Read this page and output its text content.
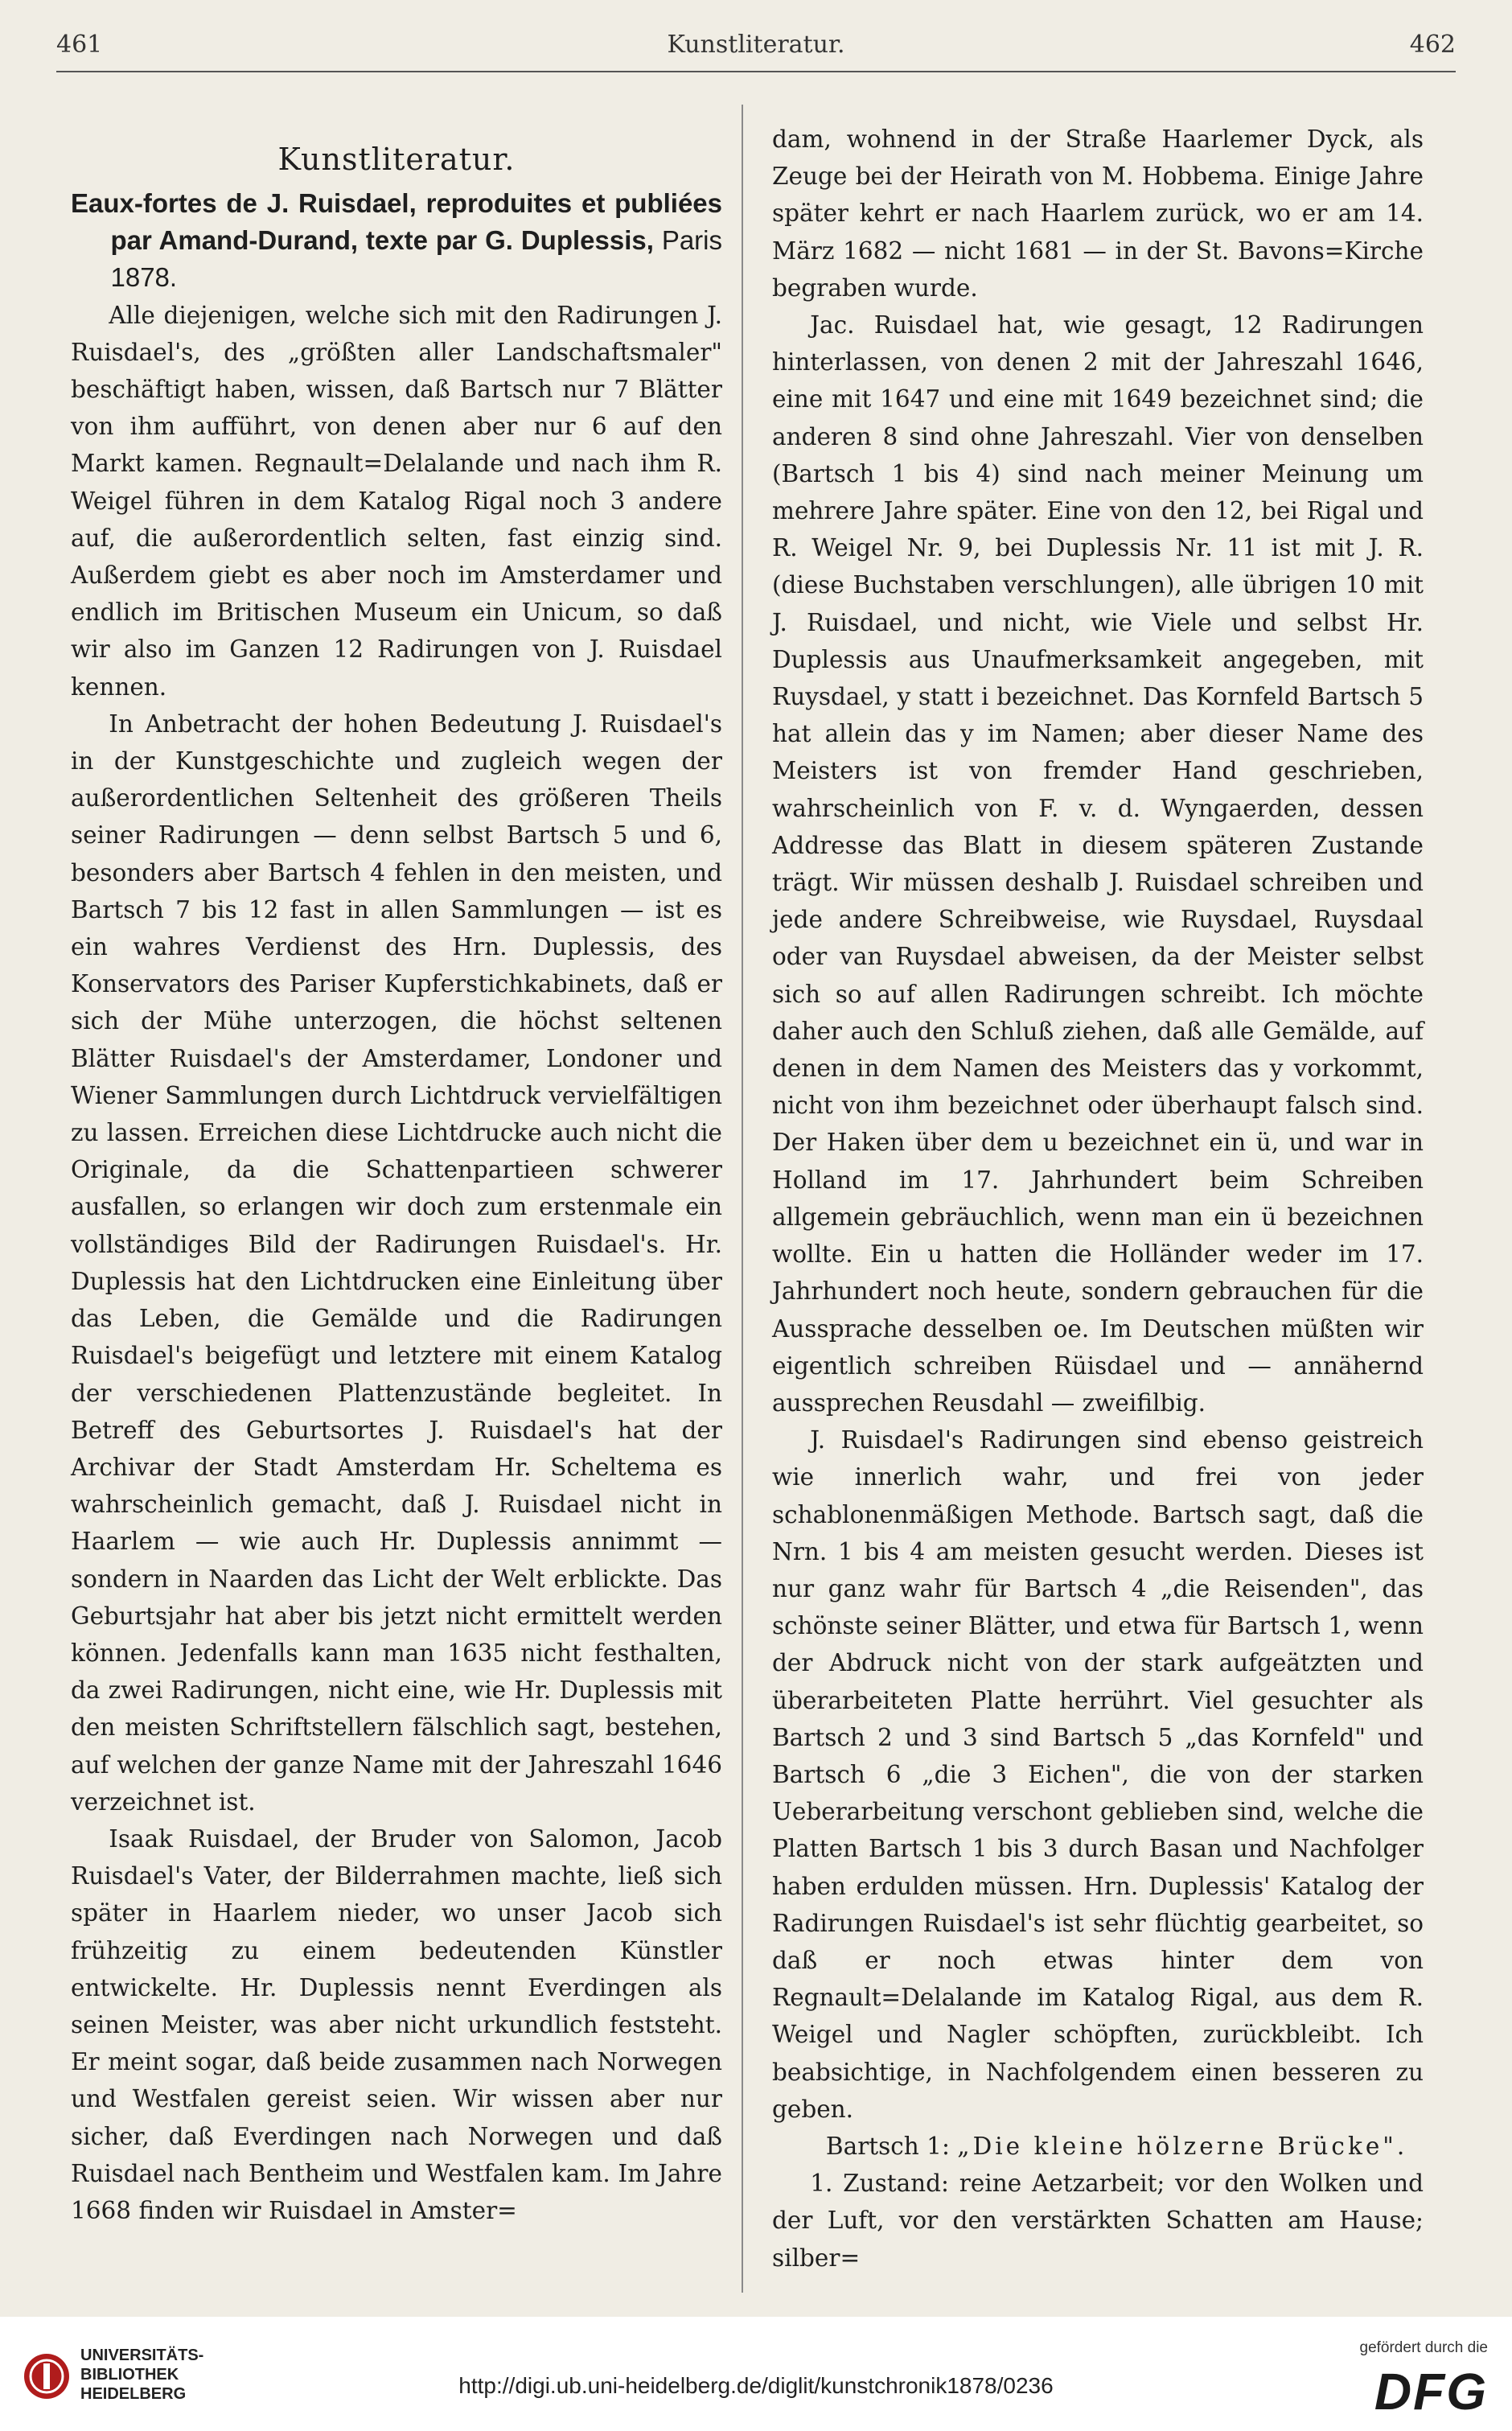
461	Kunstliteratur.	462
Kunstliteratur.

Eaux-fortes de J. Ruisdael, reproduites et publiées par Amand-Durand, texte par G. Duplessis, Paris 1878.

Alle diejenigen, welche sich mit den Radirungen J. Ruisdael's, des „größten aller Landschaftsmaler" beschäftigt haben, wissen, daß Bartsch nur 7 Blätter von ihm aufführt, von denen aber nur 6 auf den Markt kamen. Regnault=Delalande und nach ihm R. Weigel führen in dem Katalog Rigal noch 3 andere auf, die außerordentlich selten, fast einzig sind. Außerdem giebt es aber noch im Amsterdamer und endlich im Britischen Museum ein Unicum, so daß wir also im Ganzen 12 Radirungen von J. Ruisdael kennen.

In Anbetracht der hohen Bedeutung J. Ruisdael's in der Kunstgeschichte und zugleich wegen der außerordentlichen Seltenheit des größeren Theils seiner Radirungen — denn selbst Bartsch 5 und 6, besonders aber Bartsch 4 fehlen in den meisten, und Bartsch 7 bis 12 fast in allen Sammlungen — ist es ein wahres Verdienst des Hrn. Duplessis, des Konservators des Pariser Kupferstichkabinets, daß er sich der Mühe unterzogen, die höchst seltenen Blätter Ruisdael's der Amsterdamer, Londoner und Wiener Sammlungen durch Lichtdruck vervielfältigen zu lassen. Erreichen diese Lichtdrucke auch nicht die Originale, da die Schattenpartieen schwerer ausfallen, so erlangen wir doch zum erstenmale ein vollständiges Bild der Radirungen Ruisdael's. Hr. Duplessis hat den Lichtdrucken eine Einleitung über das Leben, die Gemälde und die Radirungen Ruisdael's beigefügt und letztere mit einem Katalog der verschiedenen Plattenzustände begleitet. In Betreff des Geburtsortes J. Ruisdael's hat der Archivar der Stadt Amsterdam Hr. Scheltema es wahrscheinlich gemacht, daß J. Ruisdael nicht in Haarlem — wie auch Hr. Duplessis annimmt — sondern in Naarden das Licht der Welt erblickte. Das Geburtsjahr hat aber bis jetzt nicht ermittelt werden können. Jedenfalls kann man 1635 nicht festhalten, da zwei Radirungen, nicht eine, wie Hr. Duplessis mit den meisten Schriftstellern fälschlich sagt, bestehen, auf welchen der ganze Name mit der Jahreszahl 1646 verzeichnet ist.

Isaak Ruisdael, der Bruder von Salomon, Jacob Ruisdael's Vater, der Bilderrahmen machte, ließ sich später in Haarlem nieder, wo unser Jacob sich frühzeitig zu einem bedeutenden Künstler entwickelte. Hr. Duplessis nennt Everdingen als seinen Meister, was aber nicht urkundlich feststeht. Er meint sogar, daß beide zusammen nach Norwegen und Westfalen gereist seien. Wir wissen aber nur sicher, daß Everdingen nach Norwegen und daß Ruisdael nach Bentheim und Westfalen kam. Im Jahre 1668 finden wir Ruisdael in Amster=

dam, wohnend in der Straße Haarlemer Dyck, als Zeuge bei der Heirath von M. Hobbema. Einige Jahre später kehrt er nach Haarlem zurück, wo er am 14. März 1682 — nicht 1681 — in der St. Bavons=Kirche begraben wurde.

Jac. Ruisdael hat, wie gesagt, 12 Radirungen hinterlassen, von denen 2 mit der Jahreszahl 1646, eine mit 1647 und eine mit 1649 bezeichnet sind; die anderen 8 sind ohne Jahreszahl. Vier von denselben (Bartsch 1 bis 4) sind nach meiner Meinung um mehrere Jahre später. Eine von den 12, bei Rigal und R. Weigel Nr. 9, bei Duplessis Nr. 11 ist mit J. R. (diese Buchstaben verschlungen), alle übrigen 10 mit J. Ruisdael, und nicht, wie Viele und selbst Hr. Duplessis aus Unaufmerksamkeit angegeben, mit Ruysdael, y statt i bezeichnet. Das Kornfeld Bartsch 5 hat allein das y im Namen; aber dieser Name des Meisters ist von fremder Hand geschrieben, wahrscheinlich von F. v. d. Wyngaerden, dessen Addresse das Blatt in diesem späteren Zustande trägt. Wir müssen deshalb J. Ruisdael schreiben und jede andere Schreibweise, wie Ruysdael, Ruysdaal oder van Ruysdael abweisen, da der Meister selbst sich so auf allen Radirungen schreibt. Ich möchte daher auch den Schluß ziehen, daß alle Gemälde, auf denen in dem Namen des Meisters das y vorkommt, nicht von ihm bezeichnet oder überhaupt falsch sind. Der Haken über dem u bezeichnet ein ü, und war in Holland im 17. Jahrhundert beim Schreiben allgemein gebräuchlich, wenn man ein ü bezeichnen wollte. Ein u hatten die Holländer weder im 17. Jahrhundert noch heute, sondern gebrauchen für die Aussprache desselben oe. Im Deutschen müßten wir eigentlich schreiben Rüisdael und — annähernd aussprechen Reusdahl — zweifilbig.

J. Ruisdael's Radirungen sind ebenso geistreich wie innerlich wahr, und frei von jeder schablonenmäßigen Methode. Bartsch sagt, daß die Nrn. 1 bis 4 am meisten gesucht werden. Dieses ist nur ganz wahr für Bartsch 4 „die Reisenden", das schönste seiner Blätter, und etwa für Bartsch 1, wenn der Abdruck nicht von der stark aufgeätzten und überarbeiteten Platte herrührt. Viel gesuchter als Bartsch 2 und 3 sind Bartsch 5 „das Kornfeld" und Bartsch 6 „die 3 Eichen", die von der starken Ueberarbeitung verschont geblieben sind, welche die Platten Bartsch 1 bis 3 durch Basan und Nachfolger haben erdulden müssen. Hrn. Duplessis' Katalog der Radirungen Ruisdael's ist sehr flüchtig gearbeitet, so daß er noch etwas hinter dem von Regnault=Delalande im Katalog Rigal, aus dem R. Weigel und Nagler schöpften, zurückbleibt. Ich beabsichtige, in Nachfolgendem einen besseren zu geben.

Bartsch 1: „Die kleine hölzerne Brücke".

1. Zustand: reine Aetzarbeit; vor den Wolken und der Luft, vor den verstärkten Schatten am Hause; silber=

UNIVERSITÄTS-
BIBLIOTHEK
HEIDELBERG	http://digi.ub.uni-heidelberg.de/diglit/kunstchronik1878/0236
gefördert durch die
DFG
